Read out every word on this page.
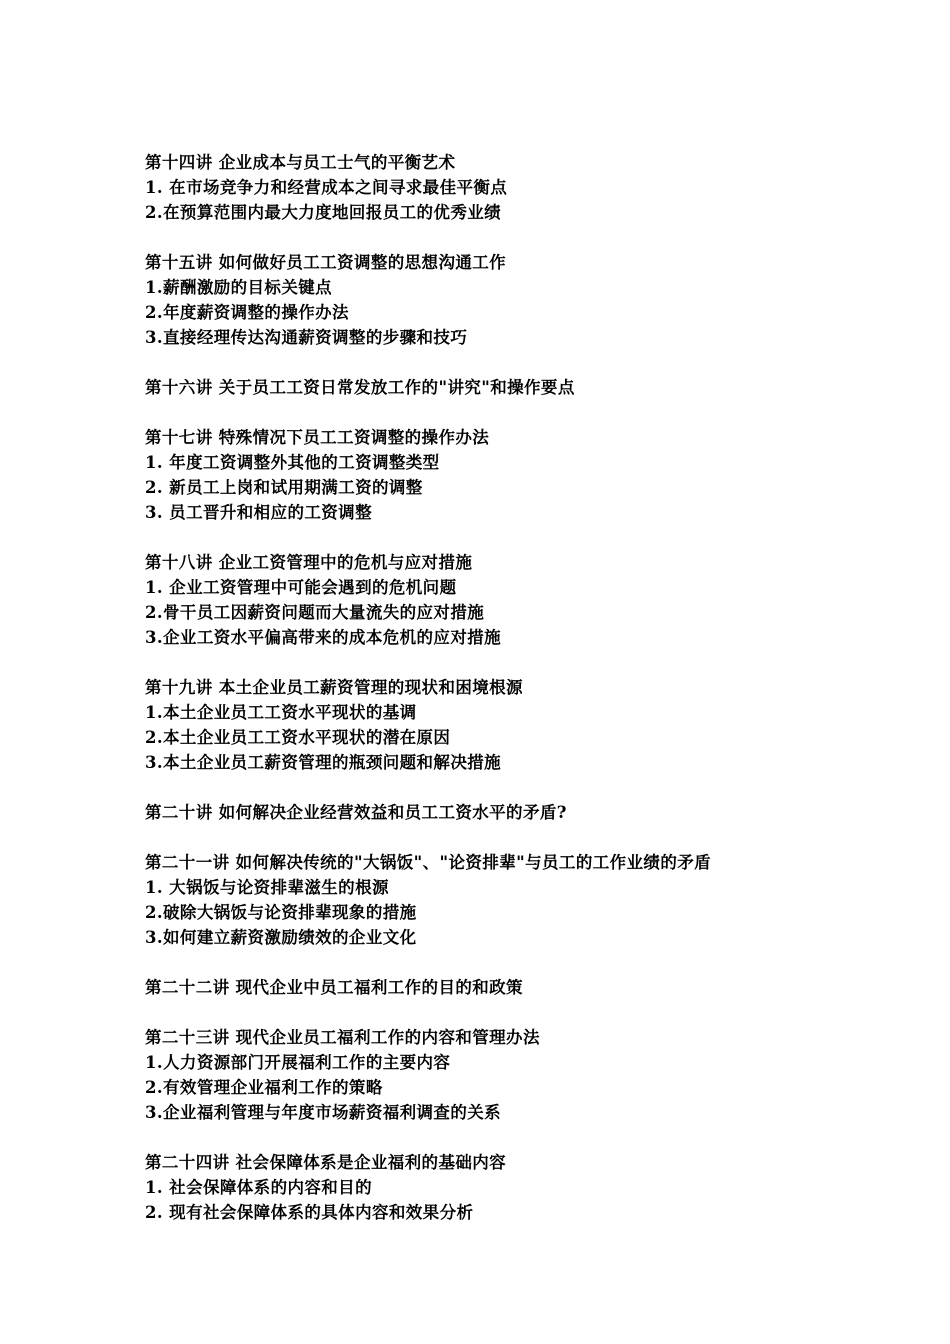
第十四讲 企业成本与员工士气的平衡艺术
1. 在市场竞争力和经营成本之间寻求最佳平衡点
2.在预算范围内最大力度地回报员工的优秀业绩
第十五讲 如何做好员工工资调整的思想沟通工作
1.薪酬激励的目标关键点
2.年度薪资调整的操作办法
3.直接经理传达沟通薪资调整的步骤和技巧
第十六讲 关于员工工资日常发放工作的"讲究"和操作要点
第十七讲 特殊情况下员工工资调整的操作办法
1. 年度工资调整外其他的工资调整类型
2. 新员工上岗和试用期满工资的调整
3. 员工晋升和相应的工资调整
第十八讲 企业工资管理中的危机与应对措施
1. 企业工资管理中可能会遇到的危机问题
2.骨干员工因薪资问题而大量流失的应对措施
3.企业工资水平偏高带来的成本危机的应对措施
第十九讲 本土企业员工薪资管理的现状和困境根源
1.本土企业员工工资水平现状的基调
2.本土企业员工工资水平现状的潜在原因
3.本土企业员工薪资管理的瓶颈问题和解决措施
第二十讲 如何解决企业经营效益和员工工资水平的矛盾?
第二十一讲 如何解决传统的"大锅饭"、"论资排辈"与员工的工作业绩的矛盾
1. 大锅饭与论资排辈滋生的根源
2.破除大锅饭与论资排辈现象的措施
3.如何建立薪资激励绩效的企业文化
第二十二讲 现代企业中员工福利工作的目的和政策
第二十三讲 现代企业员工福利工作的内容和管理办法
1.人力资源部门开展福利工作的主要内容
2.有效管理企业福利工作的策略
3.企业福利管理与年度市场薪资福利调查的关系
第二十四讲 社会保障体系是企业福利的基础内容
1. 社会保障体系的内容和目的
2. 现有社会保障体系的具体内容和效果分析
